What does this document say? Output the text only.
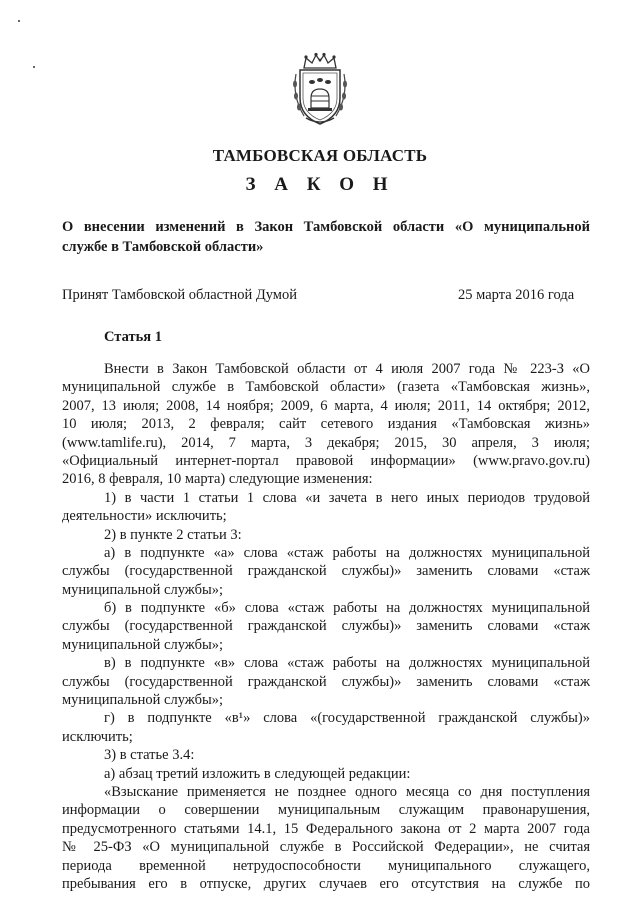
ТАМБОВСКАЯ ОБЛАСТЬ
З А К О Н
О внесении изменений в Закон Тамбовской области «О муниципальной
службе в Тамбовской области»
Принят Тамбовской областной Думой	25 марта 2016 года
Статья 1
Внести в Закон Тамбовской области от 4 июля 2007 года № 223-З «О
муниципальной службе в Тамбовской области» (газета «Тамбовская жизнь»,
2007, 13 июля; 2008, 14 ноября; 2009, 6 марта, 4 июля; 2011, 14 октября; 2012,
10 июля; 2013, 2 февраля; сайт сетевого издания «Тамбовская жизнь»
(www.tamlife.ru), 2014, 7 марта, 3 декабря; 2015, 30 апреля, 3 июля;
«Официальный интернет-портал правовой информации» (www.pravo.gov.ru)
2016, 8 февраля, 10 марта) следующие изменения:
1) в части 1 статьи 1 слова «и зачета в него иных периодов трудовой
деятельности» исключить;
2) в пункте 2 статьи 3:
а) в подпункте «а» слова «стаж работы на должностях муниципальной
службы (государственной гражданской службы)» заменить словами «стаж
муниципальной службы»;
б) в подпункте «б» слова «стаж работы на должностях муниципальной
службы (государственной гражданской службы)» заменить словами «стаж
муниципальной службы»;
в) в подпункте «в» слова «стаж работы на должностях муниципальной
службы (государственной гражданской службы)» заменить словами «стаж
муниципальной службы»;
г) в подпункте «в¹» слова «(государственной гражданской службы)»
исключить;
3) в статье 3.4:
а) абзац третий изложить в следующей редакции:
«Взыскание применяется не позднее одного месяца со дня поступления
информации о совершении муниципальным служащим правонарушения,
предусмотренного статьями 14.1, 15 Федерального закона от 2 марта 2007 года
№ 25-ФЗ «О муниципальной службе в Российской Федерации», не считая
периода временной нетрудоспособности муниципального служащего,
пребывания его в отпуске, других случаев его отсутствия на службе по
